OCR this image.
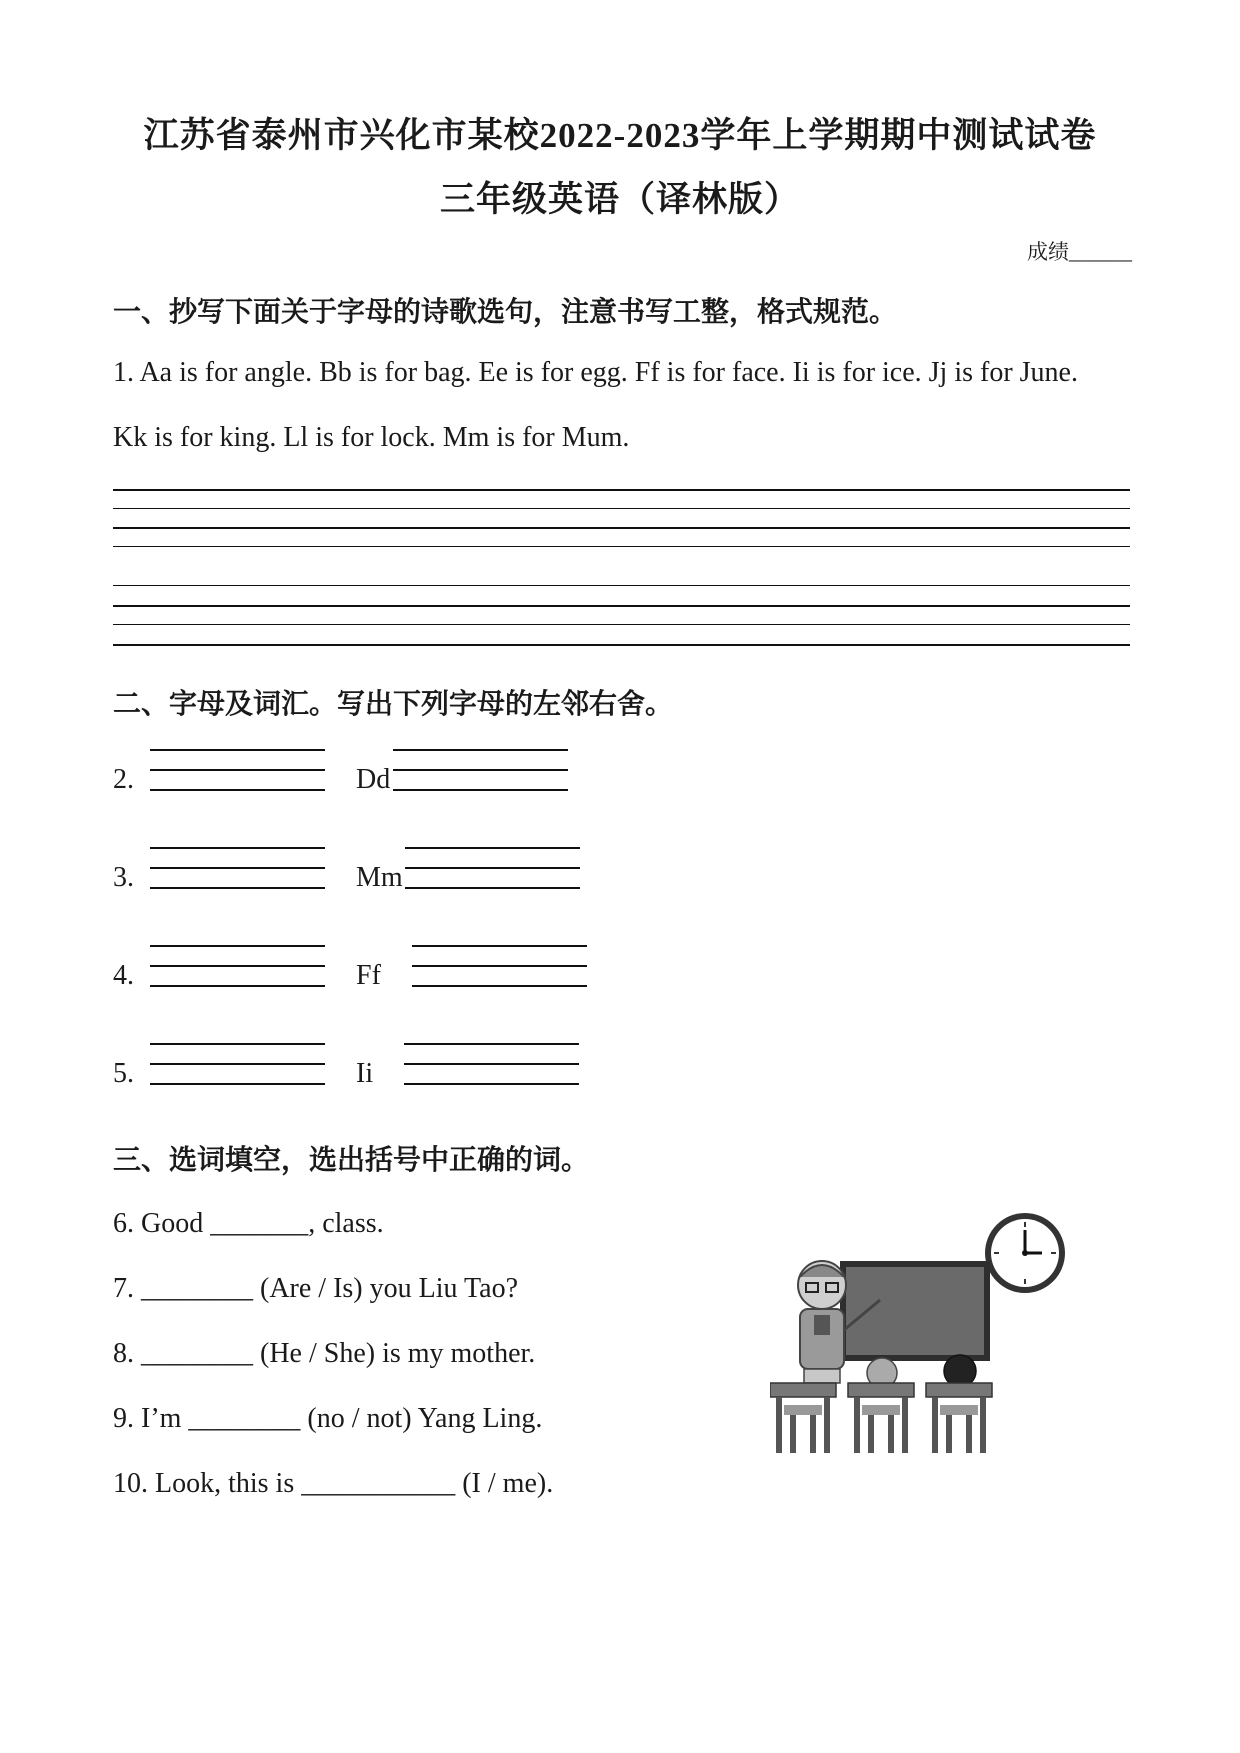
江苏省泰州市兴化市某校2022-2023学年上学期期中测试试卷
三年级英语（译林版）
成绩______
一、抄写下面关于字母的诗歌选句，注意书写工整，格式规范。
1. Aa is for angle. Bb is for bag. Ee is for egg. Ff is for face. Ii is for ice. Jj is for June.
Kk is for king. Ll is for lock. Mm is for Mum.
二、字母及词汇。写出下列字母的左邻右舍。
2.	Dd
3.	Mm
4.	Ff
5.	Ii
三、选词填空，选出括号中正确的词。
6. Good _______, class.
7. ________ (Are / Is) you Liu Tao?
8. ________ (He / She) is my mother.
9. I’m ________ (no / not) Yang Ling.
10. Look, this is ___________ (I / me).
